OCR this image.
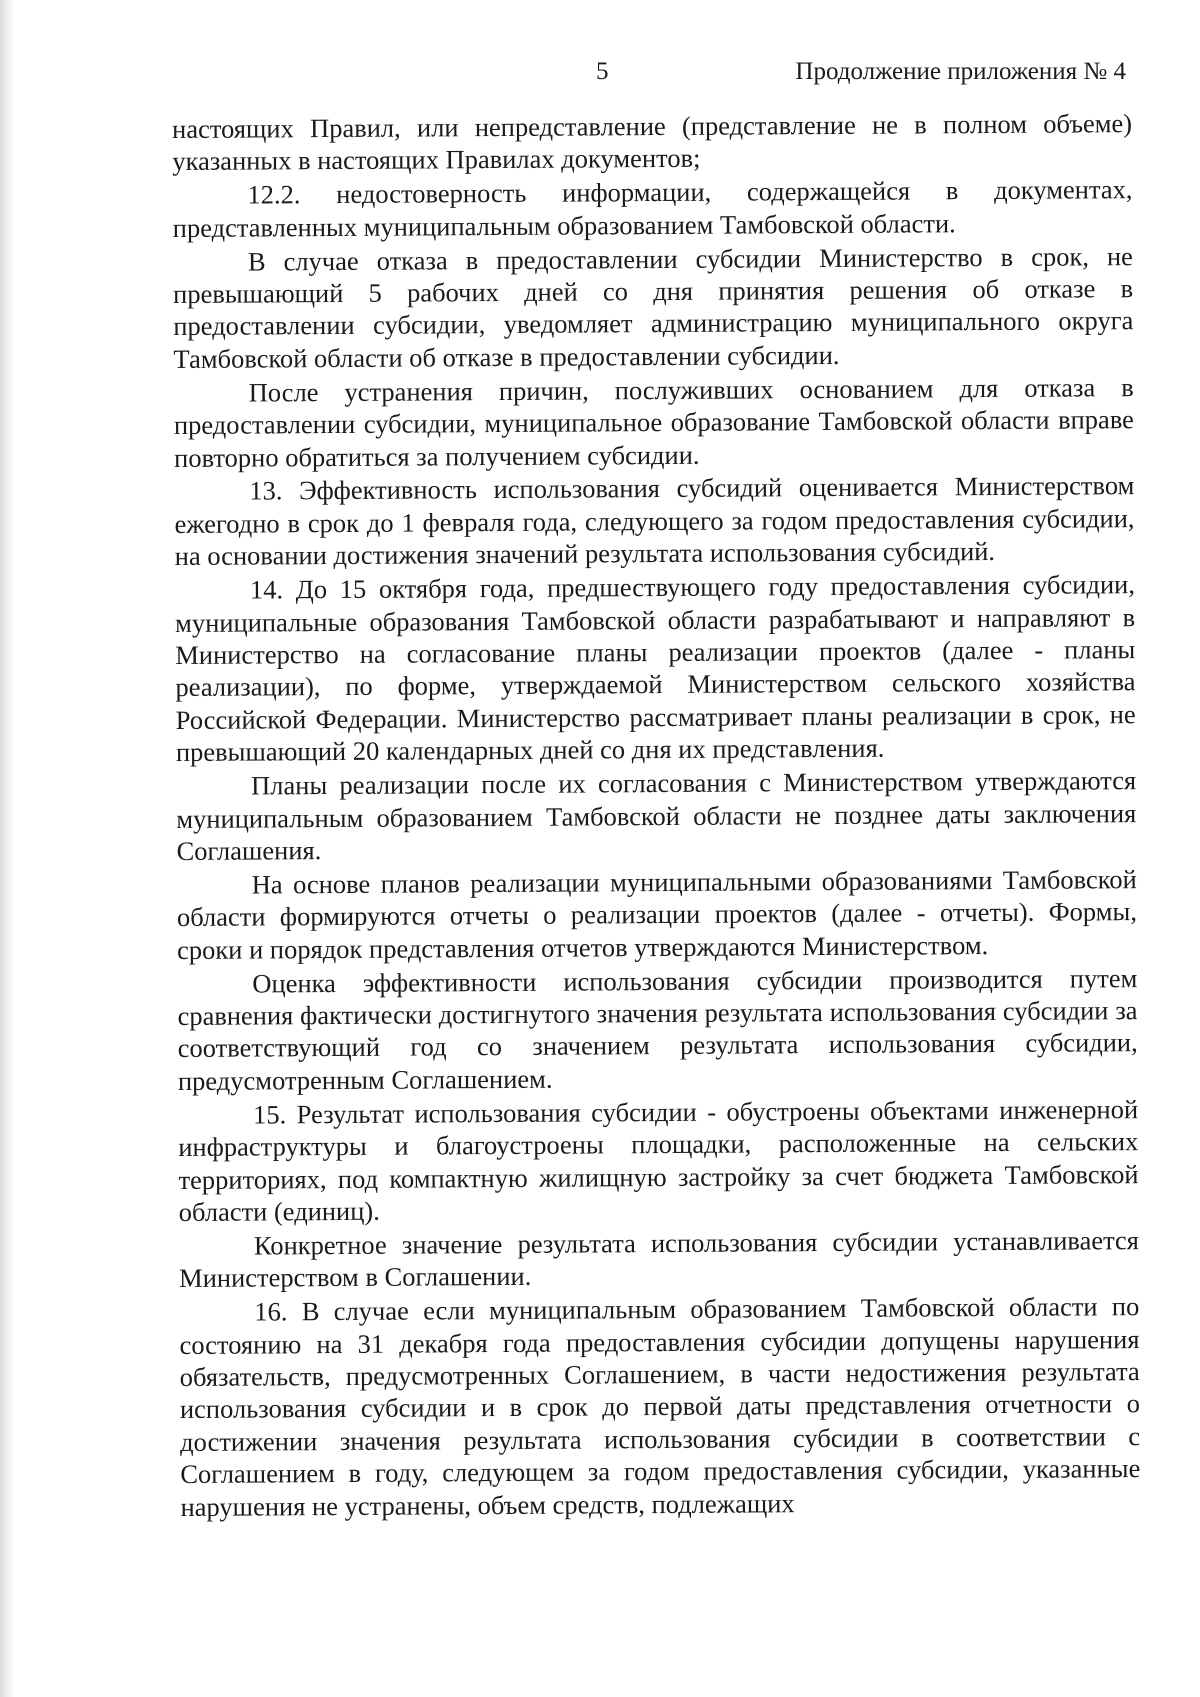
5	Продолжение приложения № 4

настоящих Правил, или непредставление (представление не в полном объеме) указанных в настоящих Правилах документов;

12.2. недостоверность информации, содержащейся в документах, представленных муниципальным образованием Тамбовской области.

В случае отказа в предоставлении субсидии Министерство в срок, не превышающий 5 рабочих дней со дня принятия решения об отказе в предоставлении субсидии, уведомляет администрацию муниципального округа Тамбовской области об отказе в предоставлении субсидии.

После устранения причин, послуживших основанием для отказа в предоставлении субсидии, муниципальное образование Тамбовской области вправе повторно обратиться за получением субсидии.

13. Эффективность использования субсидий оценивается Министерством ежегодно в срок до 1 февраля года, следующего за годом предоставления субсидии, на основании достижения значений результата использования субсидий.

14. До 15 октября года, предшествующего году предоставления субсидии, муниципальные образования Тамбовской области разрабатывают и направляют в Министерство на согласование планы реализации проектов (далее - планы реализации), по форме, утверждаемой Министерством сельского хозяйства Российской Федерации. Министерство рассматривает планы реализации в срок, не превышающий 20 календарных дней со дня их представления.

Планы реализации после их согласования с Министерством утверждаются муниципальным образованием Тамбовской области не позднее даты заключения Соглашения.

На основе планов реализации муниципальными образованиями Тамбовской области формируются отчеты о реализации проектов (далее - отчеты). Формы, сроки и порядок представления отчетов утверждаются Министерством.

Оценка эффективности использования субсидии производится путем сравнения фактически достигнутого значения результата использования субсидии за соответствующий год со значением результата использования субсидии, предусмотренным Соглашением.

15. Результат использования субсидии - обустроены объектами инженерной инфраструктуры и благоустроены площадки, расположенные на сельских территориях, под компактную жилищную застройку за счет бюджета Тамбовской области (единиц).

Конкретное значение результата использования субсидии устанавливается Министерством в Соглашении.

16. В случае если муниципальным образованием Тамбовской области по состоянию на 31 декабря года предоставления субсидии допущены нарушения обязательств, предусмотренных Соглашением, в части недостижения результата использования субсидии и в срок до первой даты представления отчетности о достижении значения результата использования субсидии в соответствии с Соглашением в году, следующем за годом предоставления субсидии, указанные нарушения не устранены, объем средств, подлежащих
